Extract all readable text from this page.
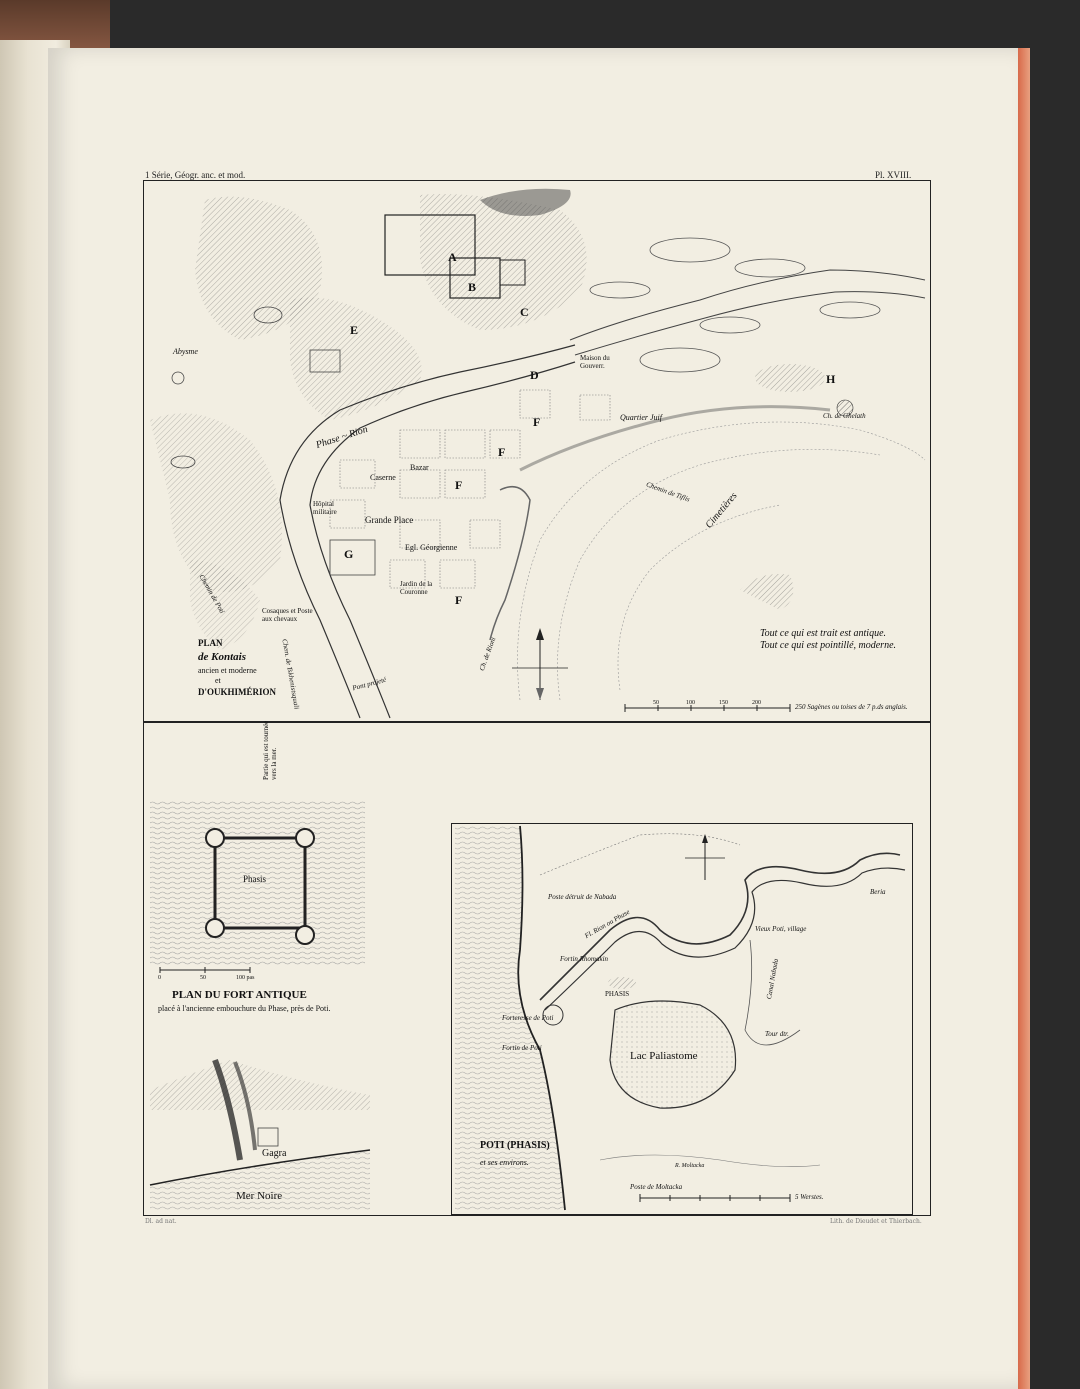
1 Série, Géogr. anc. et mod.	Pl. XVIII.
B
A
C
D
E
F
F
F
F
G
H
Abysme
Phase ~ Rion
Maison du Gouverr.
Quartier Juif
Caserne
Bazar
Hôpital militaire
Grande Place
Egl. Géorgienne
Jardin de la Couronne
Cosaques et Poste aux chevaux
Chemin de Poti
Chem. de Tskhenistsquali	Pont projeté
Chemin de Tiflis Cimetières
Ch. de Rioni
Ch. de Ghelath
PLAN
de Kontais
ancien et moderne
et
D'OUKHIMÉRION
Tout ce qui est trait est antique.
Tout ce qui est pointillé, moderne.
50	100	150	200	250 Sagènes ou toises de 7 p.ds anglais.
Phasis
Partie qui est tournée vers la mer.
0	50	100 pas
PLAN DU FORT ANTIQUE
placé à l'ancienne embouchure du Phase, près de Poti.
Gagra
Mer Noire
Lac Paliastome
PHASIS
Fl. Rion ou Phase
Poste détruit de Nabada
Fortin Rhomakin
Forteresse de Poti
Fortin de Poti
Vieux Poti, village
Canal Nabada
Tour dtr.
Beria
Poste de Moltacka
R. Moltacka
POTI (PHASIS)
et ses environs.
5 Werstes.
Dl. ad nat.	Lith. de Dieudet et Thierbach.
